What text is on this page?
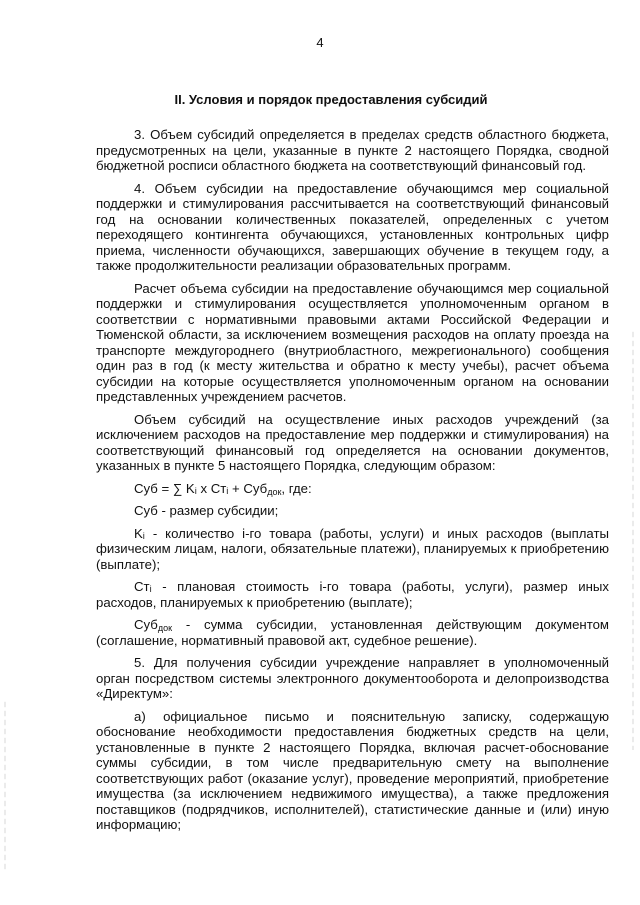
4
II. Условия и порядок предоставления субсидий

3. Объем субсидий определяется в пределах средств областного бюджета, предусмотренных на цели, указанные в пункте 2 настоящего Порядка, сводной бюджетной росписи областного бюджета на соответствующий финансовый год.

4. Объем субсидии на предоставление обучающимся мер социальной поддержки и стимулирования рассчитывается на соответствующий финансовый год на основании количественных показателей, определенных с учетом переходящего контингента обучающихся, установленных контрольных цифр приема, численности обучающихся, завершающих обучение в текущем году, а также продолжительности реализации образовательных программ.

Расчет объема субсидии на предоставление обучающимся мер социальной поддержки и стимулирования осуществляется уполномоченным органом в соответствии с нормативными правовыми актами Российской Федерации и Тюменской области, за исключением возмещения расходов на оплату проезда на транспорте междугороднего (внутриобластного, межрегионального) сообщения один раз в год (к месту жительства и обратно к месту учебы), расчет объема субсидии на которые осуществляется уполномоченным органом на основании представленных учреждением расчетов.

Объем субсидий на осуществление иных расходов учреждений (за исключением расходов на предоставление мер поддержки и стимулирования) на соответствующий финансовый год определяется на основании документов, указанных в пункте 5 настоящего Порядка, следующим образом:

Суб = ∑ Kᵢ x Стᵢ + Суб$_{док}$, где:

Суб - размер субсидии;

Kᵢ - количество i-го товара (работы, услуги) и иных расходов (выплаты физическим лицам, налоги, обязательные платежи), планируемых к приобретению (выплате);

Стᵢ - плановая стоимость i-го товара (работы, услуги), размер иных расходов, планируемых к приобретению (выплате);

Суб$_{док}$ - сумма субсидии, установленная действующим документом (соглашение, нормативный правовой акт, судебное решение).

5. Для получения субсидии учреждение направляет в уполномоченный орган посредством системы электронного документооборота и делопроизводства «Директум»:

а) официальное письмо и пояснительную записку, содержащую обоснование необходимости предоставления бюджетных средств на цели, установленные в пункте 2 настоящего Порядка, включая расчет-обоснование суммы субсидии, в том числе предварительную смету на выполнение соответствующих работ (оказание услуг), проведение мероприятий, приобретение имущества (за исключением недвижимого имущества), а также предложения поставщиков (подрядчиков, исполнителей), статистические данные и (или) иную информацию;
